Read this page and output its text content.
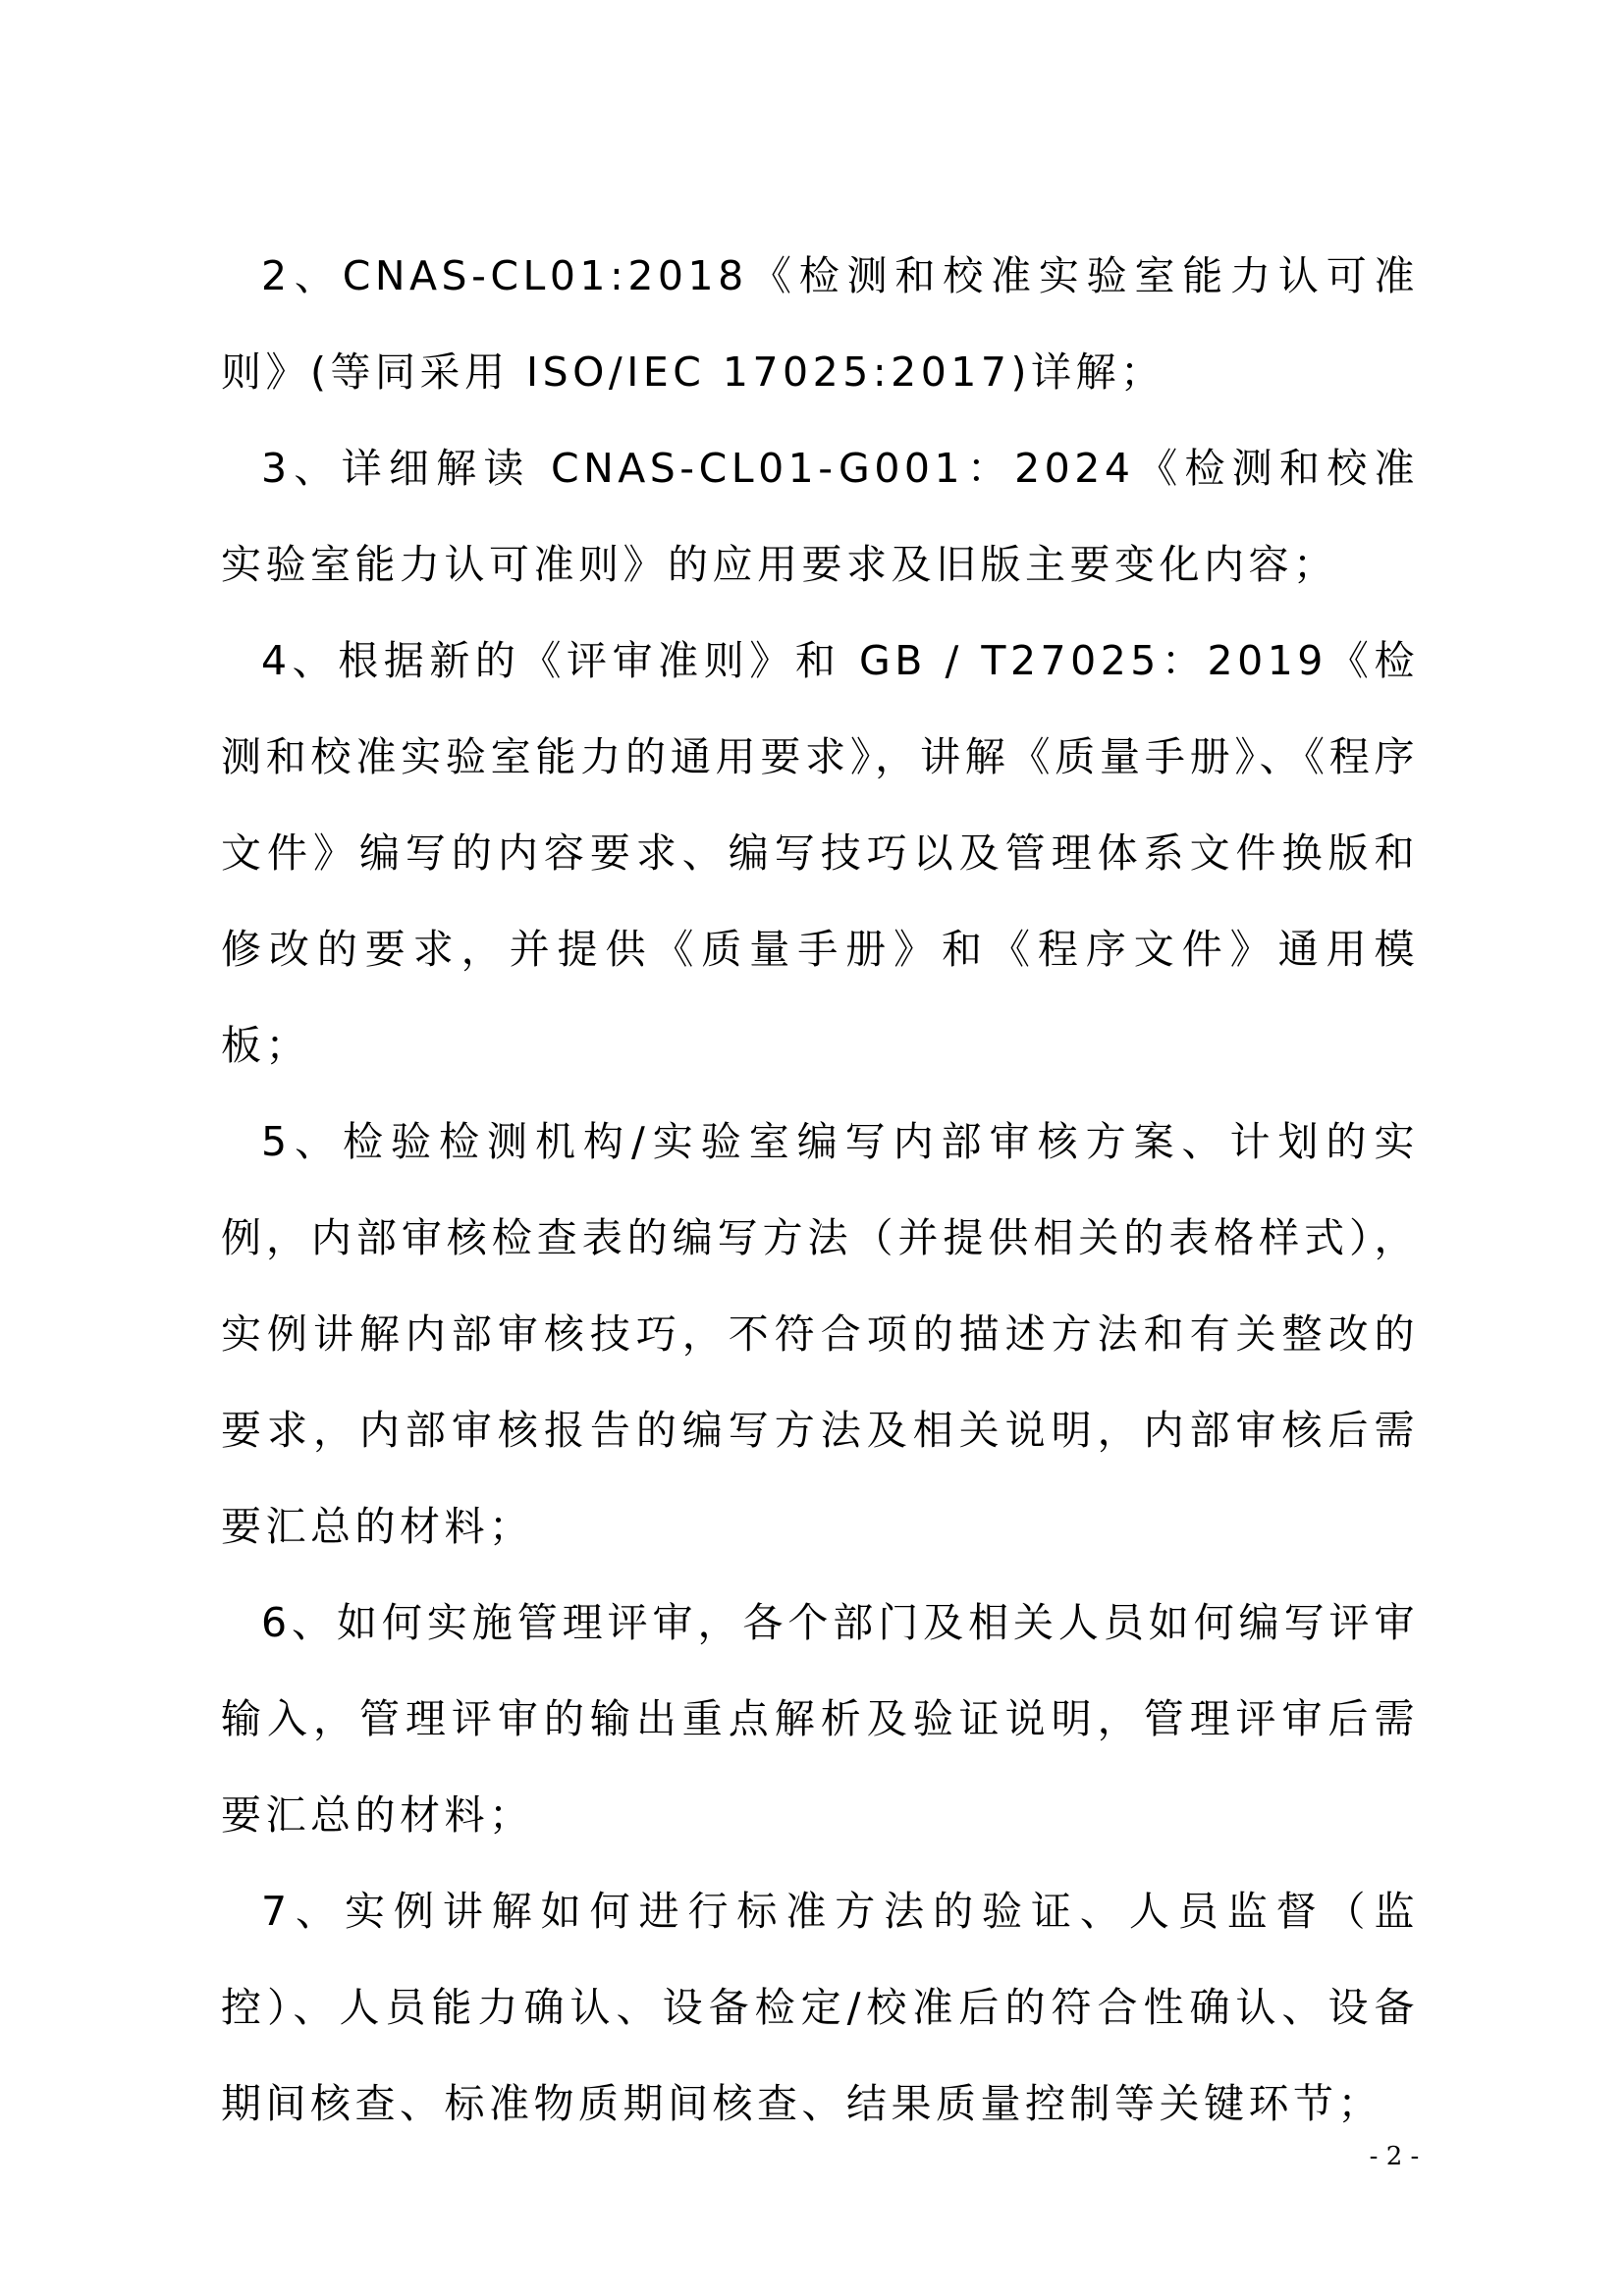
2、CNAS-CL01:2018《检测和校准实验室能力认可准则》(等同采用 ISO/IEC 17025:2017)详解；

3、详细解读 CNAS-CL01-G001：2024《检测和校准实验室能力认可准则》的应用要求及旧版主要变化内容；

4、根据新的《评审准则》和 GB / T27025：2019《检测和校准实验室能力的通用要求》，讲解《质量手册》、《程序文件》编写的内容要求、编写技巧以及管理体系文件换版和修改的要求，并提供《质量手册》和《程序文件》通用模板；

5、检验检测机构/实验室编写内部审核方案、计划的实例，内部审核检查表的编写方法（并提供相关的表格样式），实例讲解内部审核技巧，不符合项的描述方法和有关整改的要求，内部审核报告的编写方法及相关说明，内部审核后需要汇总的材料；

6、如何实施管理评审，各个部门及相关人员如何编写评审输入，管理评审的输出重点解析及验证说明，管理评审后需要汇总的材料；

7、实例讲解如何进行标准方法的验证、人员监督（监控）、人员能力确认、设备检定/校准后的符合性确认、设备期间核查、标准物质期间核查、结果质量控制等关键环节；

- 2 -
